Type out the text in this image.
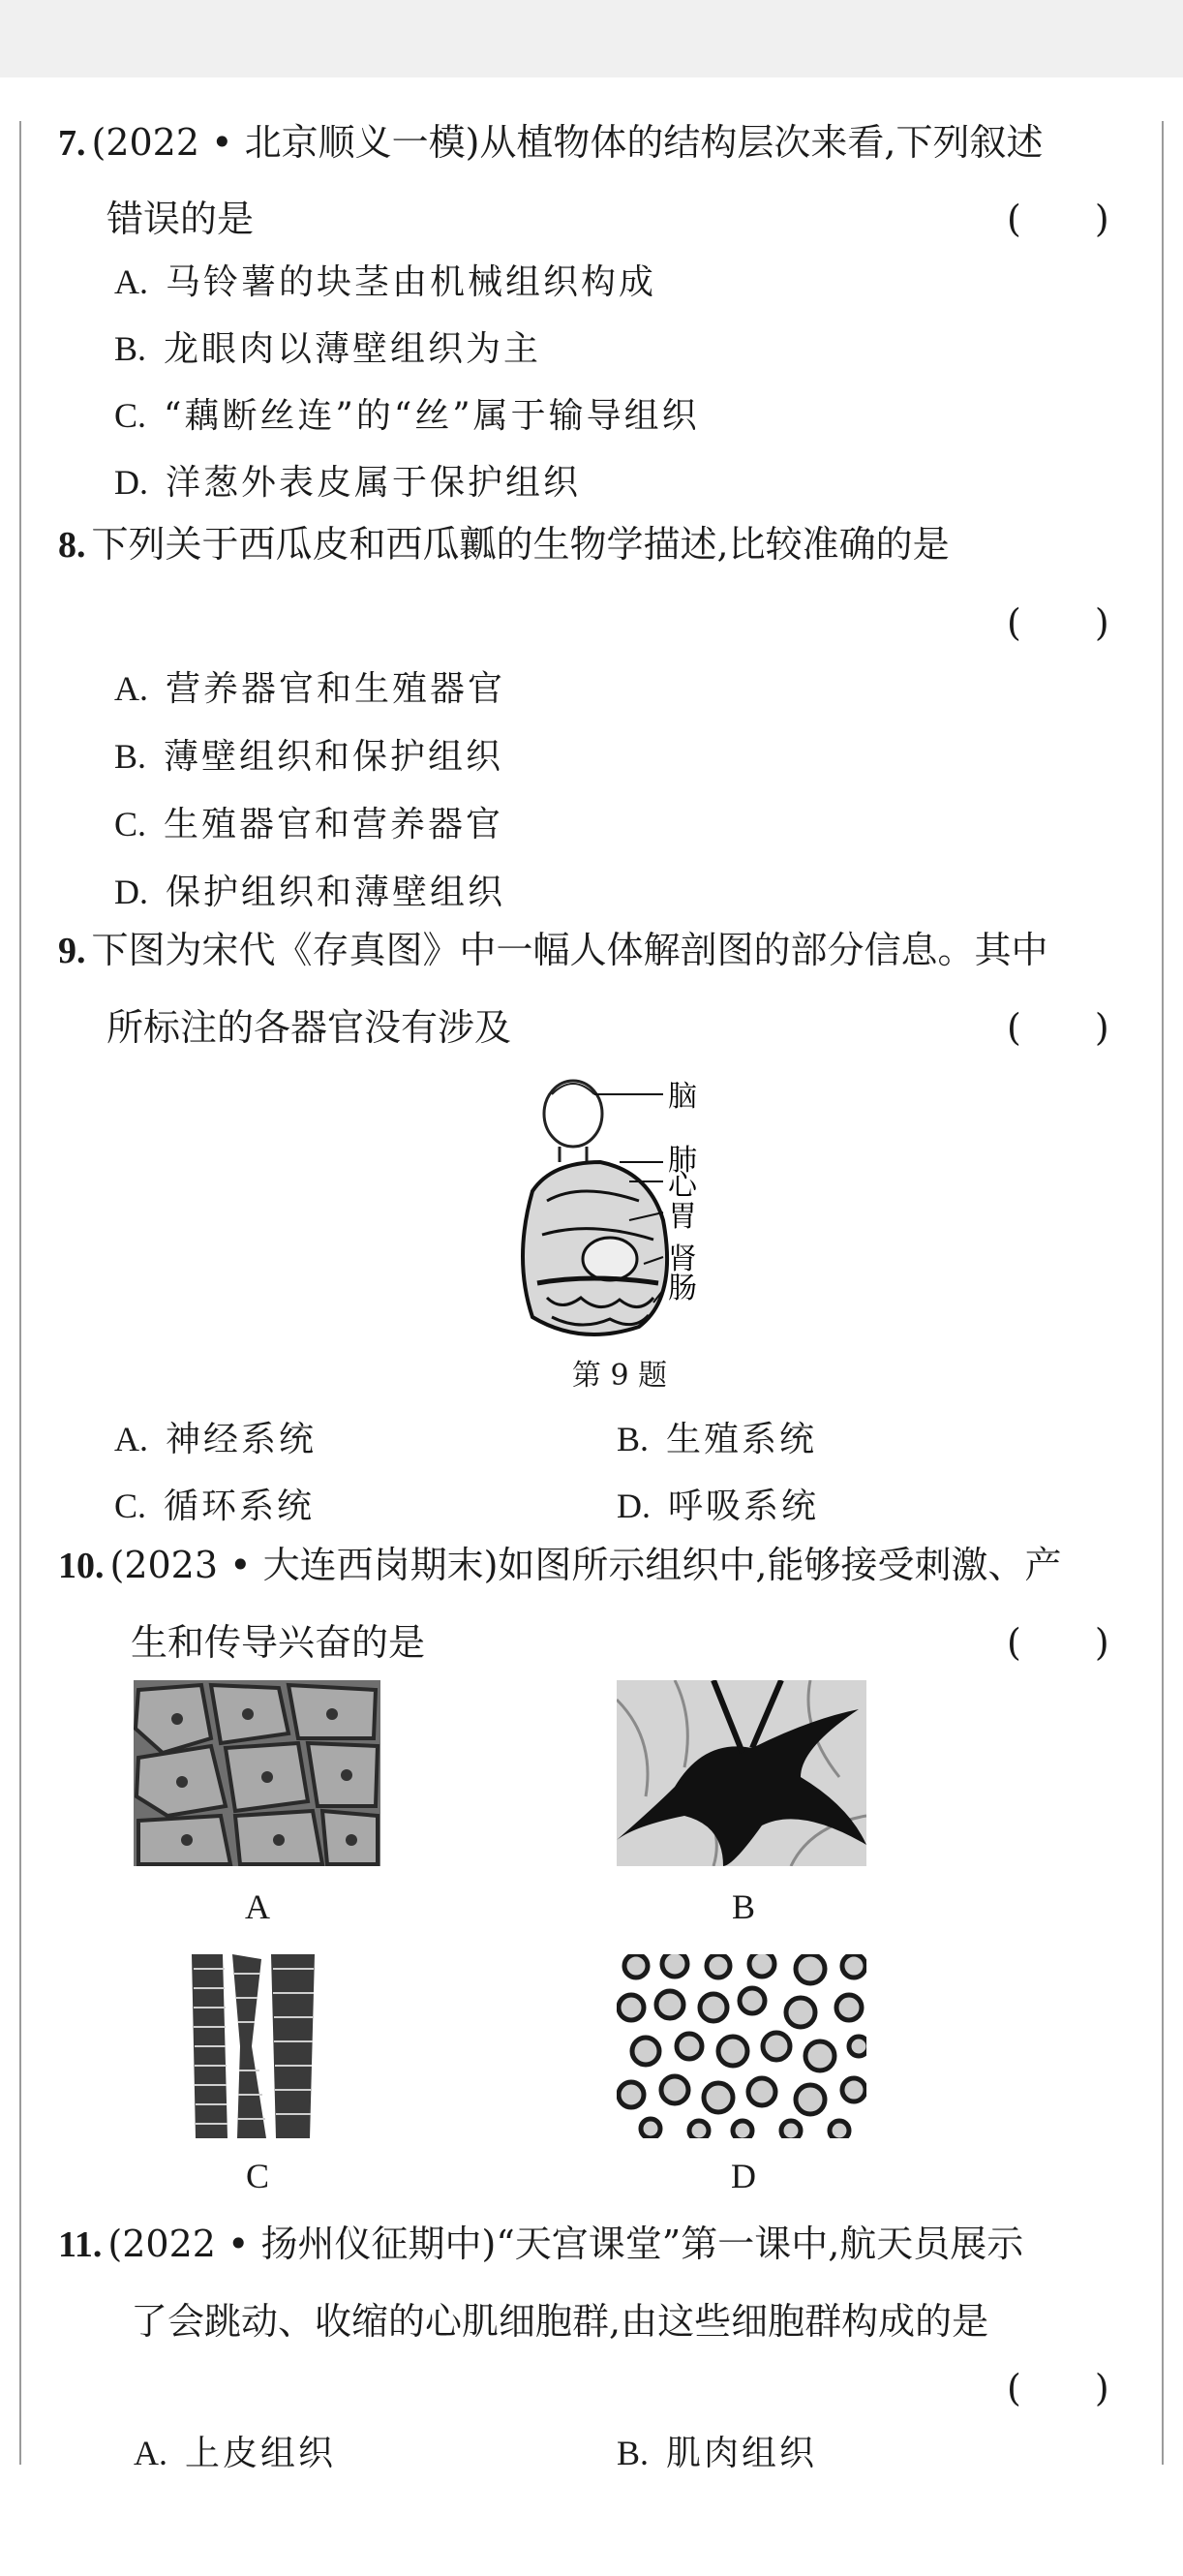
7. (2022 • 北京顺义一模)从植物体的结构层次来看,下列叙述
错误的是	(　　)
A. 马铃薯的块茎由机械组织构成
B. 龙眼肉以薄壁组织为主
C. “藕断丝连”的“丝”属于输导组织
D. 洋葱外表皮属于保护组织
8. 下列关于西瓜皮和西瓜瓤的生物学描述,比较准确的是
(　　)
A. 营养器官和生殖器官
B. 薄壁组织和保护组织
C. 生殖器官和营养器官
D. 保护组织和薄壁组织
9. 下图为宋代《存真图》中一幅人体解剖图的部分信息。其中
所标注的各器官没有涉及	(　　)
脑
肺
心
胃
肾
肠
第 9 题
A. 神经系统	B. 生殖系统
C. 循环系统	D. 呼吸系统
10. (2023 • 大连西岗期末)如图所示组织中,能够接受刺激、产
生和传导兴奋的是	(　　)
A	B
C	D
11. (2022 • 扬州仪征期中)“天宫课堂”第一课中,航天员展示
了会跳动、收缩的心肌细胞群,由这些细胞群构成的是
(　　)
A. 上皮组织	B. 肌肉组织
